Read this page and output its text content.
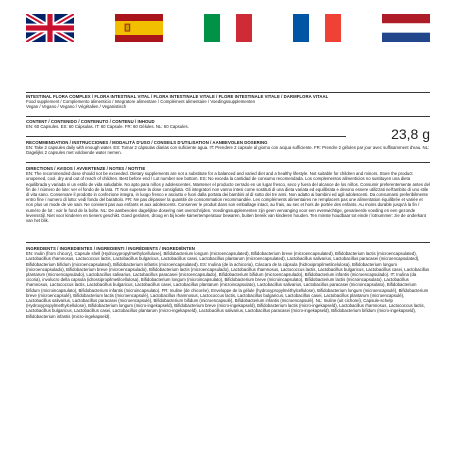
INTESTINAL FLORA COMPLEX / FLORA INTESTINAL VITAL / FLORA INTESTINALE VITALE / FLORE INTESTINALE VITALE / DARMFLORA VITAAL
Food supplement / Complemento alimenticio / Integratore alimentare / Complément alimentaire / Voedingssupplementen
Vegan / Vegano / Vegano / Végétalien / Veganistisch
23,8 g
CONTENT / CONTENIDO / CONTENUTO / CONTENU / INHOUD
EN: 60 Capsules. ES: 60 Cápsulas. IT: 60 Capsule. FR: 60 Gélules. NL: 60 Capsules.
RECOMMENDATION / INSTRUCCIONES / MODALITÀ D'USO / CONSEILS D'UTILISATION / AANBEVOLEN DOSERING
EN: Take 2 capsules daily with enough water. ES: Tomar 2 cápsulas diarias con suficiente agua. IT: Prendere 2 capsule al giorno con acqua sufficiente. FR: Prendre 2 gélules par jour avec suffisamment d'eau. NL: Dagelijks 2 capsules met voldoende water nemen.
DIRECTIONS / AVISOS / AVVERTENZE / NOTES / NOTITIE
EN: The recommended dose should not be exceeded. Dietary supplements are not a substitute for a balanced and varied diet and a healthy lifestyle. Not suitable for children and minors. Store the product unopened, cool, dry and out of reach of children. Best before end / Lot number see bottom. ES: No exceda la cantidad de consumo recomendada. Los complementos alimenticios no sustituyen una dieta equilibrada y variada ni un estilo de vida saludable. No apto para niños y adolescentes. Mantener el producto cerrado en un lugar fresco, seco y fuera del alcance de los niños. Consumir preferentemente antes del fin de / número de lote: ver el fondo de la lata. IT: Non superare la dose consigliata. Gli integratori non vanno intesi come sostituti di una dieta variata ed equilibrata e devono essere utilizzati nell'ambito di uno stile di vita sano. Conservare il prodotto in confezione integra, in luogo fresco e asciutto e fuori dalla portata dei bambini al di sotto dei tre anni. Non adatto ai bambini ed agli adolescenti. Da consumarsi preferibilmente entro fine / numero di lotto: vedi fondo del barattolo. FR: Ne pas dépasser la quantité de consommation recommandée. Les compléments alimentaires ne remplacent pas une alimentation équilibrée et variée et non plus un mode de vie sain. Ne convient pas aux enfants et aux adolescents. Conserver le produit dans son emballage intact, au frais, au sec et hors de portée des enfants. Au moins durable jusqu'à la fin / numéro de lot : voir le fond de la boîte. NL: De aanbevolen dagelijkse dosering niet overschrijden. Voedingssupplementen zijn geen vervanging voor een evenwichtige, gevarieerde voeding en een gezonde levensstijl. Niet voor kinderen en tieners geschikt. Goed gesloten, droog en bij koele kamertemperatuur bewaren, buiten bereik van kinderen houden. Ten minste houdbaar tot einde / lotnummer: zie de onderkant van het blik.
INGREDIENTS / INGREDIENTES / INGREDIENTI / INGRÉDIENTS / INGREDIËNTEN
EN: Inulin (from chicory), Capsule shell (Hydroxypropylmethylcellulose), Bifidobacterium longum (microencapsulated), Bifidobacterium breve (microencapsulated), Bifidobacterium lactis (microencapsulated), Lactobacillus rhamnosus, Lactococcus lactis, Lactobacillus bulgaricus, Lactobacillus casei, Lactobacillus plantarum (microencapsulated), Lactobacillus salivarius, Lactobacillus paracasei (microencapsulated), Bifidobacterium bifidum (microencapsulated), Bifidobacterium infantis (microencapsulated). ES: Inulina (de la achicoria), Cáscara de la cápsula (hidroxipropilmetilcelulosa), Bifidobacterium longum (microencapsulado), Bifidobacterium breve (microencapsulado), Bifidobacterium lactis (microencapsulado), Lactobacillus rhamnosus, Lactococcus lactis, Lactobacillus bulgaricus, Lactobacillus casei, Lactobacillus plantarum (microencapsulado), Lactobacillus salivarius, Lactobacillus paracasei (microencapsulado), Bifidobacterium bifidum (microencapsulado), Bifidobacterium infantis (microencapsulado). IT: Inulina (da cicoria), involucro della capsula (idrossipropilmetilcellulosa), Bifidobacterium longum (microincapsulato), Bifidobacterium breve (microincapsulato), Bifidobacterium lactis (microincapsulato), Lactobacillus rhamnosus, Lactococcus lactis, Lactobacillus bulgaricus, Lactobacillus casei, Lactobacillus plantarum (microincapsulato), Lactobacillus salivarius, Lactobacillus paracasei (microincapsulato), Bifidobacterium bifidum (microincapsulato), Bifidobacterium infantis (microincapsulato). FR: Inuline (de chicorée), Enveloppe de la gélule (hydroxypropylméthylcellulose), Bifidobacterium longum (microencapsulé), Bifidobacterium breve (microencapsulé), Bifidobacterium lactis (microencapsulé), Lactobacillus rhamnosus, Lactococcus lactis, Lactobacillus bulgaricus, Lactobacillus casei, Lactobacillus plantarum (microencapsulé), Lactobacillus salivarius, Lactobacillus paracasei (microencapsulé), Bifidobacterium bifidum (microencapsulé), Bifidobacterium infantis (microencapsulé). NL: Inuline (uit cichorei), Capsule-schelp (Hydroxypropylmethylcellulose), Bifidobacterium longum (micro-ingekapseld), Bifidobacterium breve (micro-ingekapseld), Bifidobacterium lactis (micro-ingekapseld), Lactobacillus rhamnosus, Lactococcus lactis, Lactobacillus bulgaricus, Lactobacillus casei, Lactobacillus plantarum (micro-ingekapseld), Lactobacillus salivarius, Lactobacillus paracasei (micro-ingekapseld), Bifidobacterium bifidum (micro-ingekapseld), Bifidobacterium infantis (micro-ingekapseld).
